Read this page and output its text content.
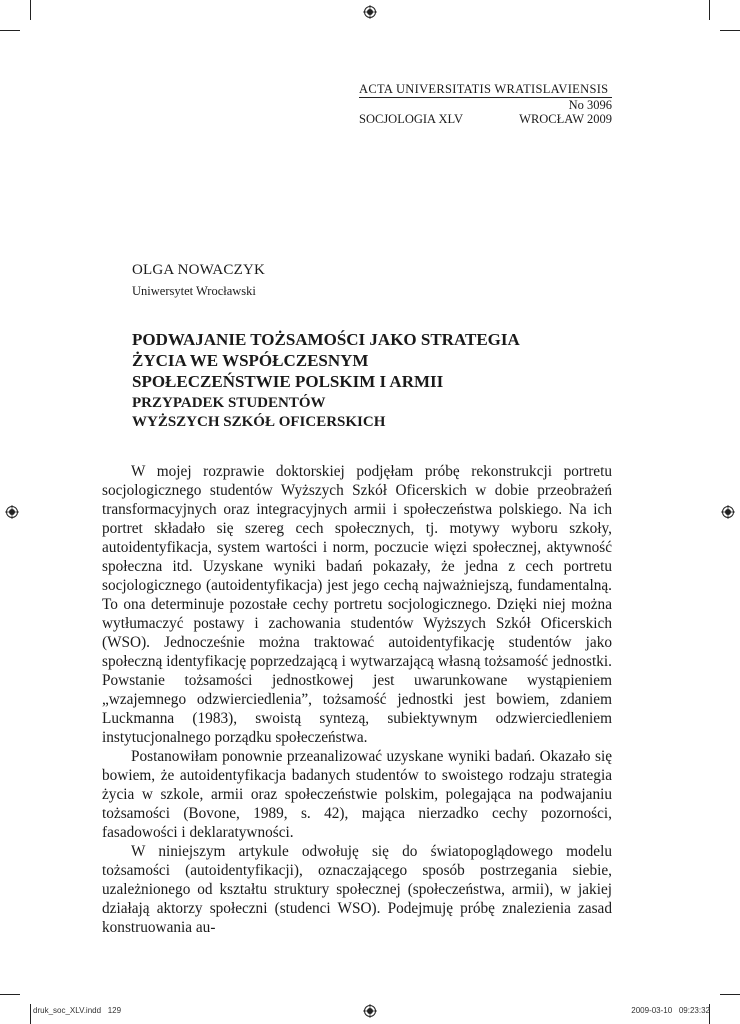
ACTA UNIVERSITATIS WRATISLAVIENSIS
No 3096
SOCJOLOGIA XLV	WROCŁAW 2009
OLGA NOWACZYK
Uniwersytet Wrocławski
PODWAJANIE TOŻSAMOŚCI JAKO STRATEGIA
ŻYCIA WE WSPÓŁCZESNYM
SPOŁECZEŃSTWIE POLSKIM I ARMII
PRZYPADEK STUDENTÓW
WYŻSZYCH SZKÓŁ OFICERSKICH

W mojej rozprawie doktorskiej podjęłam próbę rekonstrukcji portretu socjologicznego studentów Wyższych Szkół Oficerskich w dobie przeobrażeń transformacyjnych oraz integracyjnych armii i społeczeństwa polskiego. Na ich portret składało się szereg cech społecznych, tj. motywy wyboru szkoły, autoidentyfikacja, system wartości i norm, poczucie więzi społecznej, aktywność społeczna itd. Uzyskane wyniki badań pokazały, że jedna z cech portretu socjologicznego (autoidentyfikacja) jest jego cechą najważniejszą, fundamentalną. To ona determinuje pozostałe cechy portretu socjologicznego. Dzięki niej można wytłumaczyć postawy i zachowania studentów Wyższych Szkół Oficerskich (WSO). Jednocześnie można traktować autoidentyfikację studentów jako społeczną identyfikację poprzedzającą i wytwarzającą własną tożsamość jednostki. Powstanie tożsamości jednostkowej jest uwarunkowane wystąpieniem „wzajemnego odzwierciedlenia”, tożsamość jednostki jest bowiem, zdaniem Luckmanna (1983), swoistą syntezą, subiektywnym odzwierciedleniem instytucjonalnego porządku społeczeństwa.

Postanowiłam ponownie przeanalizować uzyskane wyniki badań. Okazało się bowiem, że autoidentyfikacja badanych studentów to swoistego rodzaju strategia życia w szkole, armii oraz społeczeństwie polskim, polegająca na podwajaniu tożsamości (Bovone, 1989, s. 42), mająca nierzadko cechy pozorności, fasadowości i deklaratywności.

W niniejszym artykule odwołuję się do światopoglądowego modelu tożsamości (autoidentyfikacji), oznaczającego sposób postrzegania siebie, uzależnionego od kształtu struktury społecznej (społeczeństwa, armii), w jakiej działają aktorzy społeczni (studenci WSO). Podejmuję próbę znalezienia zasad konstruowania au-

druk_soc_XLV.indd   129	2009-03-10   09:23:32
